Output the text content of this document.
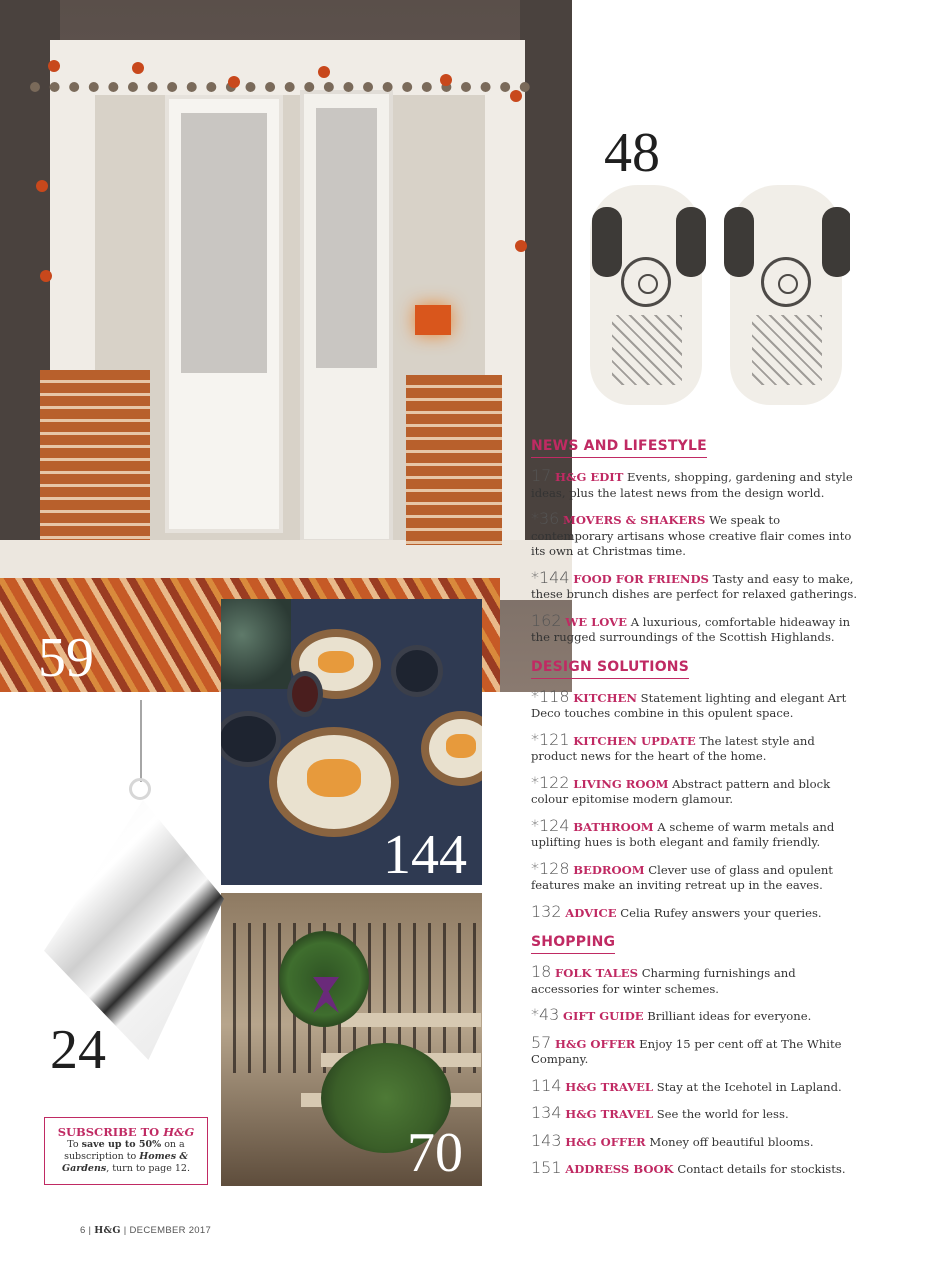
59
48
144
70
24
SUBSCRIBE TO H&G
To save up to 50% on a subscription to Homes & Gardens, turn to page 12.
NEWS AND LIFESTYLE
17 H&G EDIT Events, shopping, gardening and style ideas, plus the latest news from the design world.
*36 MOVERS & SHAKERS We speak to contemporary artisans whose creative flair comes into its own at Christmas time.
*144 FOOD FOR FRIENDS Tasty and easy to make, these brunch dishes are perfect for relaxed gatherings.
162 WE LOVE A luxurious, comfortable hideaway in the rugged surroundings of the Scottish Highlands.
DESIGN SOLUTIONS
*118 KITCHEN Statement lighting and elegant Art Deco touches combine in this opulent space.
*121 KITCHEN UPDATE The latest style and product news for the heart of the home.
*122 LIVING ROOM Abstract pattern and block colour epitomise modern glamour.
*124 BATHROOM A scheme of warm metals and uplifting hues is both elegant and family friendly.
*128 BEDROOM Clever use of glass and opulent features make an inviting retreat up in the eaves.
132 ADVICE Celia Rufey answers your queries.
SHOPPING
18 FOLK TALES Charming furnishings and accessories for winter schemes.
*43 GIFT GUIDE Brilliant ideas for everyone.
57 H&G OFFER Enjoy 15 per cent off at The White Company.
114 H&G TRAVEL Stay at the Icehotel in Lapland.
134 H&G TRAVEL See the world for less.
143 H&G OFFER Money off beautiful blooms.
151 ADDRESS BOOK Contact details for stockists.
6 | H&G | DECEMBER 2017
